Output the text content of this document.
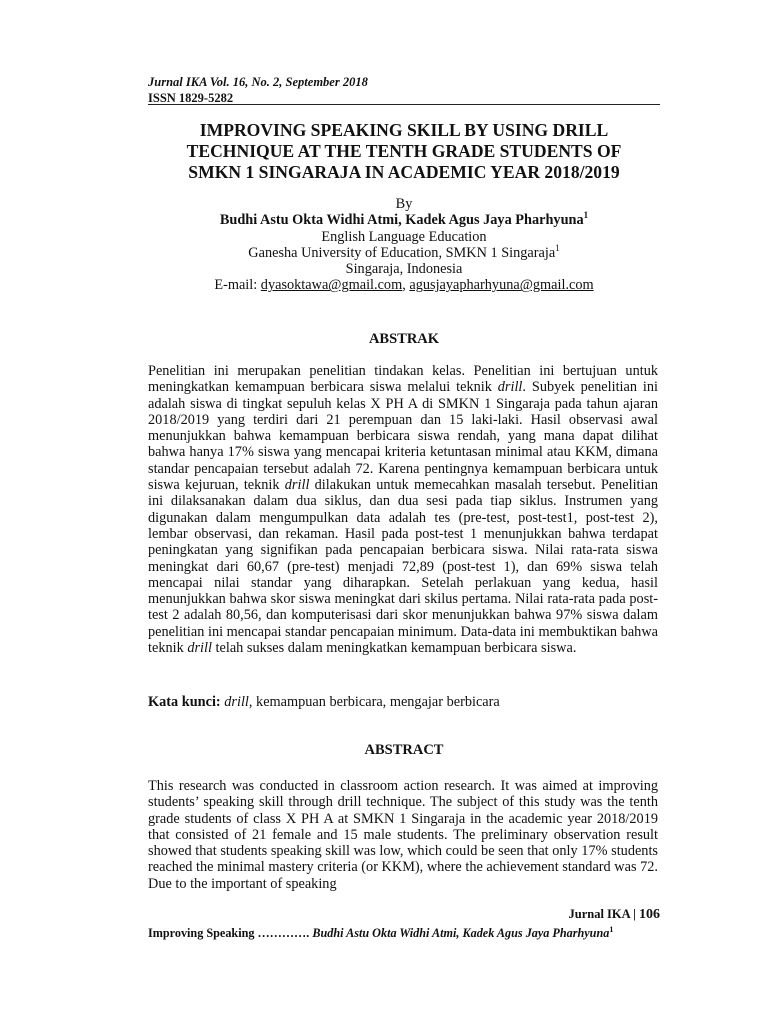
Jurnal IKA Vol. 16, No. 2, September 2018
ISSN 1829-5282
IMPROVING SPEAKING SKILL BY USING DRILL
TECHNIQUE AT THE TENTH GRADE STUDENTS OF
SMKN 1 SINGARAJA IN ACADEMIC YEAR 2018/2019
By
Budhi Astu Okta Widhi Atmi, Kadek Agus Jaya Pharhyuna$^1$
English Language Education
Ganesha University of Education, SMKN 1 Singaraja$^1$
Singaraja, Indonesia
E-mail: dyasoktawa@gmail.com, agusjayapharhyuna@gmail.com
ABSTRAK
Penelitian ini merupakan penelitian tindakan kelas. Penelitian ini bertujuan untuk meningkatkan kemampuan berbicara siswa melalui teknik drill. Subyek penelitian ini adalah siswa di tingkat sepuluh kelas X PH A di SMKN 1 Singaraja pada tahun ajaran 2018/2019 yang terdiri dari 21 perempuan dan 15 laki-laki. Hasil observasi awal menunjukkan bahwa kemampuan berbicara siswa rendah, yang mana dapat dilihat bahwa hanya 17% siswa yang mencapai kriteria ketuntasan minimal atau KKM, dimana standar pencapaian tersebut adalah 72. Karena pentingnya kemampuan berbicara untuk siswa kejuruan, teknik drill dilakukan untuk memecahkan masalah tersebut. Penelitian ini dilaksanakan dalam dua siklus, dan dua sesi pada tiap siklus. Instrumen yang digunakan dalam mengumpulkan data adalah tes (pre-test, post-test1, post-test 2), lembar observasi, dan rekaman. Hasil pada post-test 1 menunjukkan bahwa terdapat peningkatan yang signifikan pada pencapaian berbicara siswa. Nilai rata-rata siswa meningkat dari 60,67 (pre-test) menjadi 72,89 (post-test 1), dan 69% siswa telah mencapai nilai standar yang diharapkan. Setelah perlakuan yang kedua, hasil menunjukkan bahwa skor siswa meningkat dari skilus pertama. Nilai rata-rata pada post-test 2 adalah 80,56, dan komputerisasi dari skor menunjukkan bahwa 97% siswa dalam penelitian ini mencapai standar pencapaian minimum. Data-data ini membuktikan bahwa teknik drill telah sukses dalam meningkatkan kemampuan berbicara siswa.
Kata kunci: drill, kemampuan berbicara, mengajar berbicara
ABSTRACT
This research was conducted in classroom action research. It was aimed at improving students’ speaking skill through drill technique. The subject of this study was the tenth grade students of class X PH A at SMKN 1 Singaraja in the academic year 2018/2019 that consisted of 21 female and 15 male students. The preliminary observation result showed that students speaking skill was low, which could be seen that only 17% students reached the minimal mastery criteria (or KKM), where the achievement standard was 72. Due to the important of speaking
Jurnal IKA | 106
Improving Speaking …………. Budhi Astu Okta Widhi Atmi, Kadek Agus Jaya Pharhyuna$^1$
